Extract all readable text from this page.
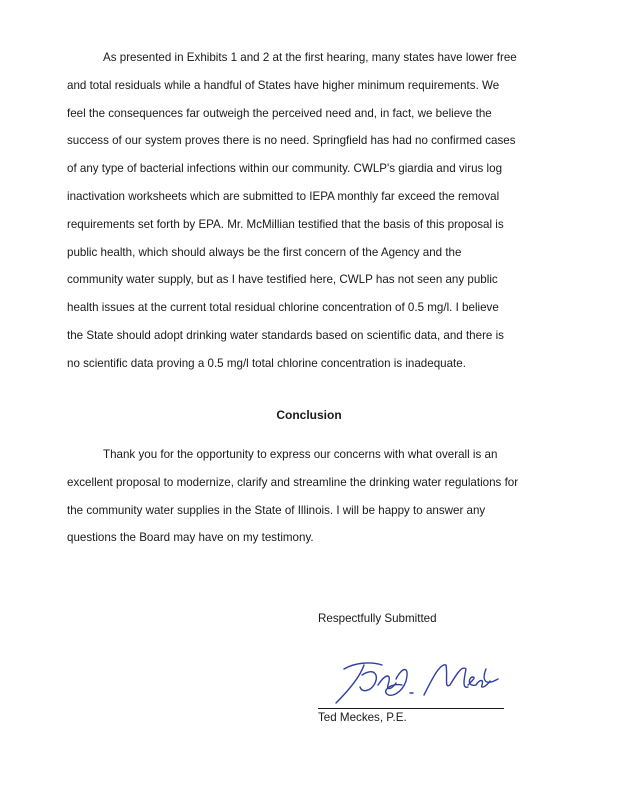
As presented in Exhibits 1 and 2 at the first hearing, many states have lower free
and total residuals while a handful of States have higher minimum requirements. We
feel the consequences far outweigh the perceived need and, in fact, we believe the
success of our system proves there is no need. Springfield has had no confirmed cases
of any type of bacterial infections within our community. CWLP's giardia and virus log
inactivation worksheets which are submitted to IEPA monthly far exceed the removal
requirements set forth by EPA. Mr. McMillian testified that the basis of this proposal is
public health, which should always be the first concern of the Agency and the
community water supply, but as I have testified here, CWLP has not seen any public
health issues at the current total residual chlorine concentration of 0.5 mg/l. I believe
the State should adopt drinking water standards based on scientific data, and there is
no scientific data proving a 0.5 mg/l total chlorine concentration is inadequate.
Conclusion
Thank you for the opportunity to express our concerns with what overall is an
excellent proposal to modernize, clarify and streamline the drinking water regulations for
the community water supplies in the State of Illinois. I will be happy to answer any
questions the Board may have on my testimony.
Respectfully Submitted
Ted Meckes, P.E.
